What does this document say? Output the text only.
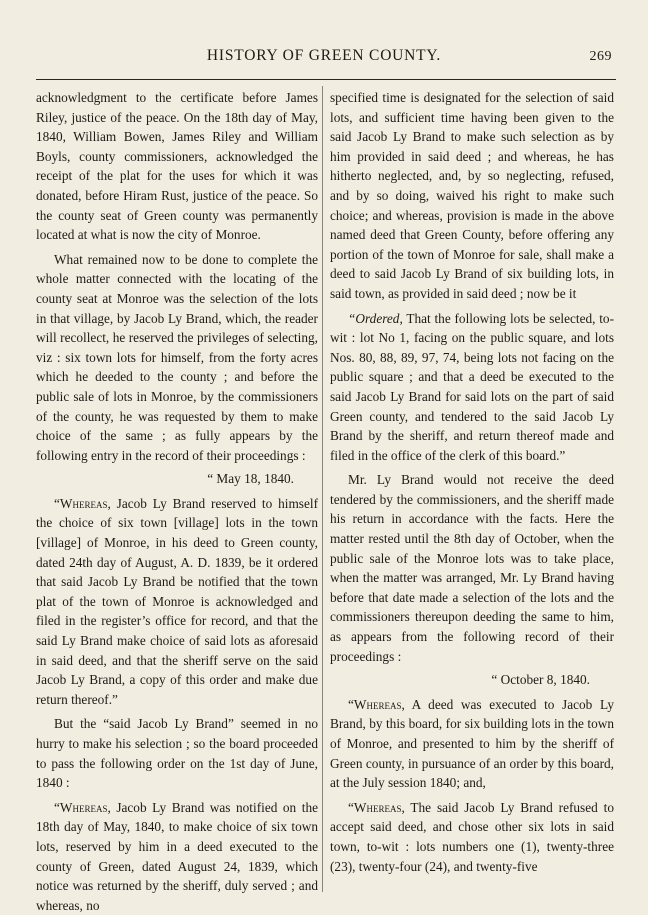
HISTORY OF GREEN COUNTY.	269

acknowledgment to the certificate before James Riley, justice of the peace. On the 18th day of May, 1840, William Bowen, James Riley and William Boyls, county commissioners, acknowledged the receipt of the plat for the uses for which it was donated, before Hiram Rust, justice of the peace. So the county seat of Green county was permanently located at what is now the city of Monroe.

What remained now to be done to complete the whole matter connected with the locating of the county seat at Monroe was the selection of the lots in that village, by Jacob Ly Brand, which, the reader will recollect, he reserved the privileges of selecting, viz : six town lots for himself, from the forty acres which he deeded to the county ; and before the public sale of lots in Monroe, by the commissioners of the county, he was requested by them to make choice of the same ; as fully appears by the following entry in the record of their proceedings :

“ May 18, 1840.

“Whereas, Jacob Ly Brand reserved to himself the choice of six town [village] lots in the town [village] of Monroe, in his deed to Green county, dated 24th day of August, A. D. 1839, be it ordered that said Jacob Ly Brand be notified that the town plat of the town of Monroe is acknowledged and filed in the register’s office for record, and that the said Ly Brand make choice of said lots as aforesaid in said deed, and that the sheriff serve on the said Jacob Ly Brand, a copy of this order and make due return thereof.”

But the “said Jacob Ly Brand” seemed in no hurry to make his selection ; so the board proceeded to pass the following order on the 1st day of June, 1840 :

“Whereas, Jacob Ly Brand was notified on the 18th day of May, 1840, to make choice of six town lots, reserved by him in a deed executed to the county of Green, dated August 24, 1839, which notice was returned by the sheriff, duly served ; and whereas, no

specified time is designated for the selection of said lots, and sufficient time having been given to the said Jacob Ly Brand to make such selection as by him provided in said deed ; and whereas, he has hitherto neglected, and, by so neglecting, refused, and by so doing, waived his right to make such choice; and whereas, provision is made in the above named deed that Green County, before offering any portion of the town of Monroe for sale, shall make a deed to said Jacob Ly Brand of six building lots, in said town, as provided in said deed ; now be it

“Ordered, That the following lots be selected, to-wit : lot No 1, facing on the public square, and lots Nos. 80, 88, 89, 97, 74, being lots not facing on the public square ; and that a deed be executed to the said Jacob Ly Brand for said lots on the part of said Green county, and tendered to the said Jacob Ly Brand by the sheriff, and return thereof made and filed in the office of the clerk of this board.”

Mr. Ly Brand would not receive the deed tendered by the commissioners, and the sheriff made his return in accordance with the facts. Here the matter rested until the 8th day of October, when the public sale of the Monroe lots was to take place, when the matter was arranged, Mr. Ly Brand having before that date made a selection of the lots and the commissioners thereupon deeding the same to him, as appears from the following record of their proceedings :

“ October 8, 1840.

“Whereas, A deed was executed to Jacob Ly Brand, by this board, for six building lots in the town of Monroe, and presented to him by the sheriff of Green county, in pursuance of an order by this board, at the July session 1840; and,

“Whereas, The said Jacob Ly Brand refused to accept said deed, and chose other six lots in said town, to-wit : lots numbers one (1), twenty-three (23), twenty-four (24), and twenty-five
